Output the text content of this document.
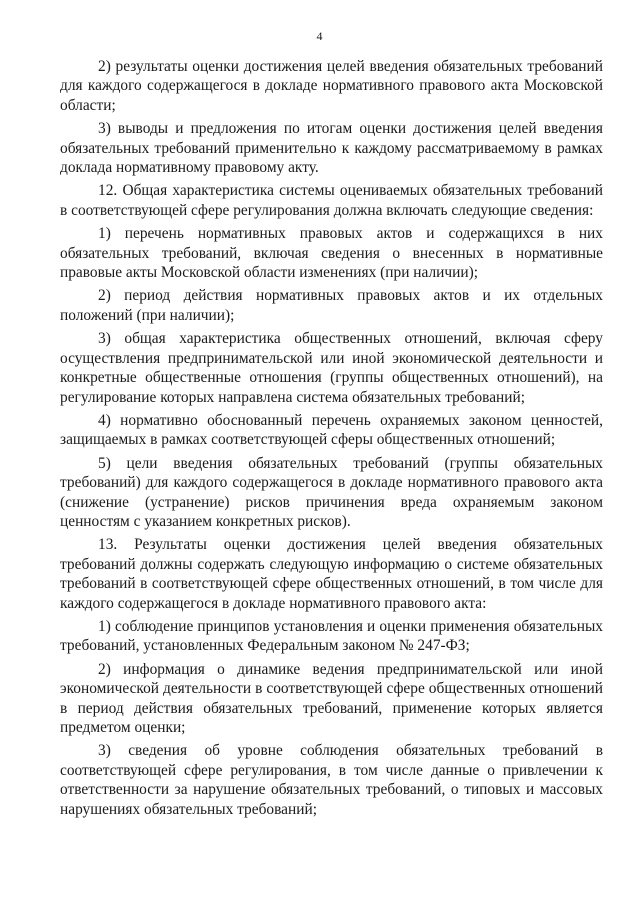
4

2) результаты оценки достижения целей введения обязательных требований для каждого содержащегося в докладе нормативного правового акта Московской области;

3) выводы и предложения по итогам оценки достижения целей введения обязательных требований применительно к каждому рассматриваемому в рамках доклада нормативному правовому акту.

12. Общая характеристика системы оцениваемых обязательных требований в соответствующей сфере регулирования должна включать следующие сведения:

1) перечень нормативных правовых актов и содержащихся в них обязательных требований, включая сведения о внесенных в нормативные правовые акты Московской области изменениях (при наличии);

2) период действия нормативных правовых актов и их отдельных положений (при наличии);

3) общая характеристика общественных отношений, включая сферу осуществления предпринимательской или иной экономической деятельности и конкретные общественные отношения (группы общественных отношений), на регулирование которых направлена система обязательных требований;

4) нормативно обоснованный перечень охраняемых законом ценностей, защищаемых в рамках соответствующей сферы общественных отношений;

5) цели введения обязательных требований (группы обязательных требований) для каждого содержащегося в докладе нормативного правового акта (снижение (устранение) рисков причинения вреда охраняемым законом ценностям с указанием конкретных рисков).

13. Результаты оценки достижения целей введения обязательных требований должны содержать следующую информацию о системе обязательных требований в соответствующей сфере общественных отношений, в том числе для каждого содержащегося в докладе нормативного правового акта:

1) соблюдение принципов установления и оценки применения обязательных требований, установленных Федеральным законом № 247-ФЗ;

2) информация о динамике ведения предпринимательской или иной экономической деятельности в соответствующей сфере общественных отношений в период действия обязательных требований, применение которых является предметом оценки;

3) сведения об уровне соблюдения обязательных требований в соответствующей сфере регулирования, в том числе данные о привлечении к ответственности за нарушение обязательных требований, о типовых и массовых нарушениях обязательных требований;
